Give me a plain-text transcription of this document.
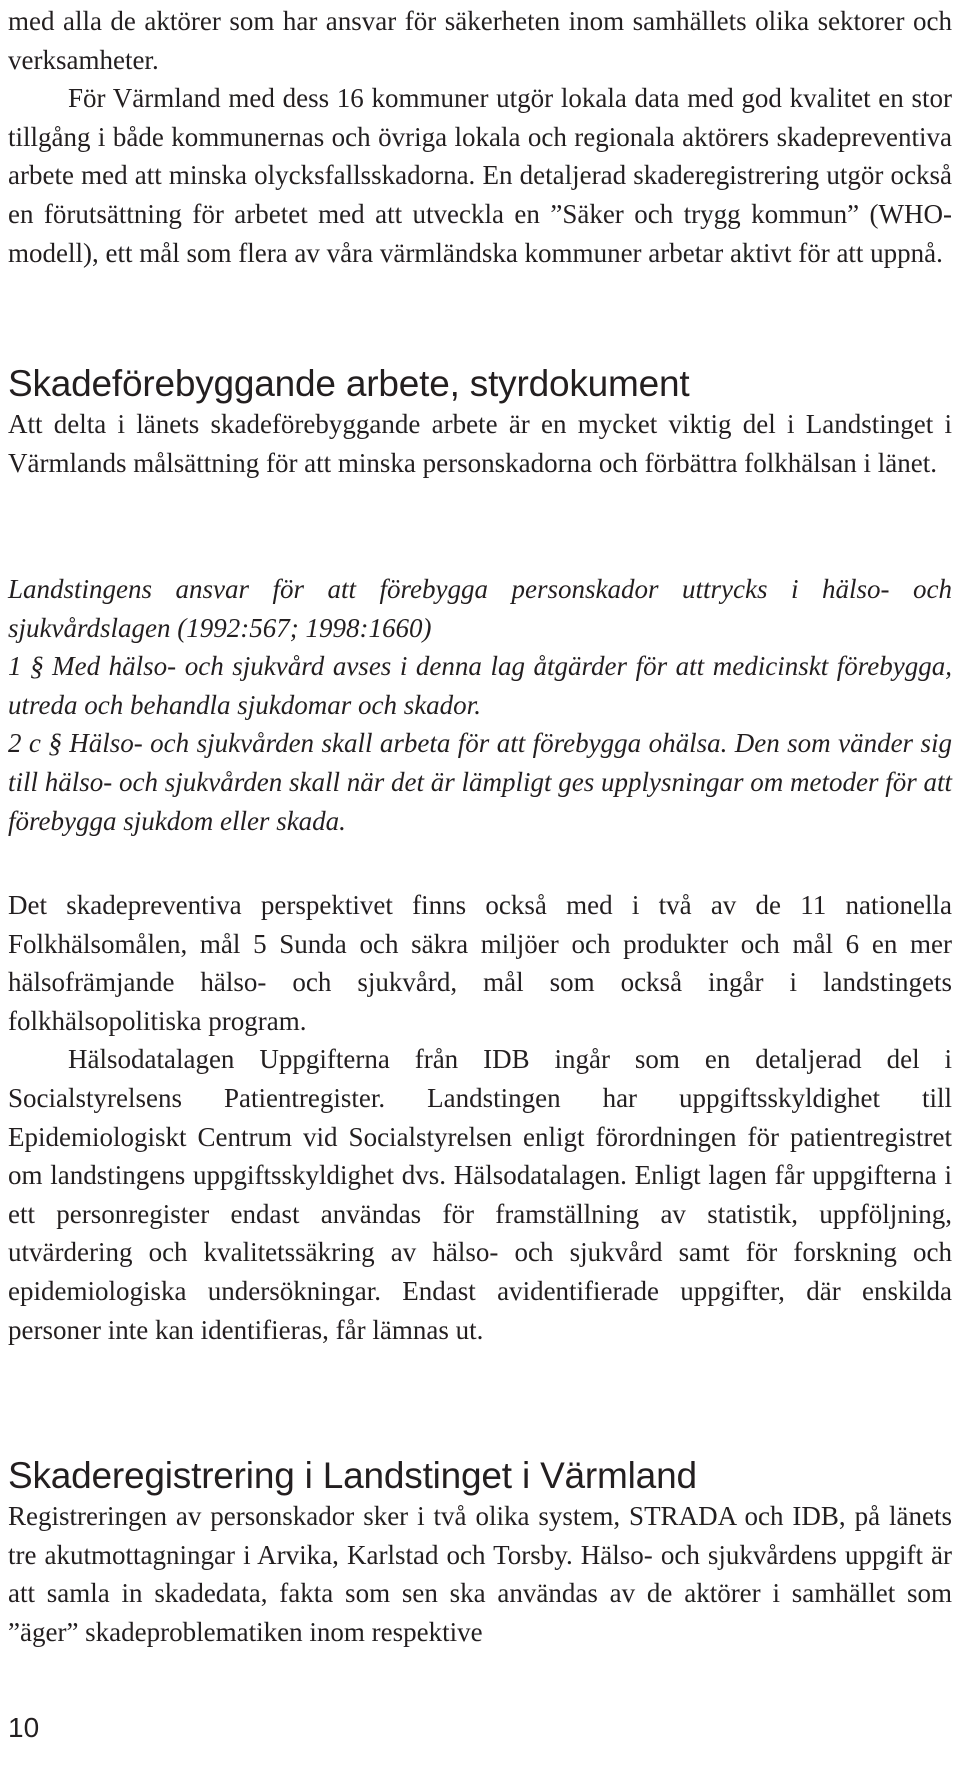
med alla de aktörer som har ansvar för säkerheten inom samhällets olika sektorer och verksamheter.

För Värmland med dess 16 kommuner utgör lokala data med god kvalitet en stor tillgång i både kommunernas och övriga lokala och regionala aktörers skadepreventiva arbete med att minska olycksfallsskadorna. En detaljerad skaderegistrering utgör också en förutsättning för arbetet med att utveckla en ”Säker och trygg kommun” (WHO-modell), ett mål som flera av våra värmländska kommuner arbetar aktivt för att uppnå.

Skadeförebyggande arbete, styrdokument

Att delta i länets skadeförebyggande arbete är en mycket viktig del i Landstinget i Värmlands målsättning för att minska personskadorna och förbättra folkhälsan i länet.

Landstingens ansvar för att förebygga personskador uttrycks i hälso- och sjukvårdslagen (1992:567; 1998:1660)

1 § Med hälso- och sjukvård avses i denna lag åtgärder för att medicinskt förebygga, utreda och behandla sjukdomar och skador.

2 c § Hälso- och sjukvården skall arbeta för att förebygga ohälsa. Den som vänder sig till hälso- och sjukvården skall när det är lämpligt ges upplysningar om metoder för att förebygga sjukdom eller skada.

Det skadepreventiva perspektivet finns också med i två av de 11 nationella Folkhälsomålen, mål 5 Sunda och säkra miljöer och produkter och mål 6 en mer hälsofrämjande hälso- och sjukvård, mål som också ingår i landstingets folkhälsopolitiska program.

Hälsodatalagen Uppgifterna från IDB ingår som en detaljerad del i Socialstyrelsens Patientregister. Landstingen har uppgiftsskyldighet till Epidemiologiskt Centrum vid Socialstyrelsen enligt förordningen för patientregistret om landstingens uppgiftsskyldighet dvs. Hälsodatalagen. Enligt lagen får uppgifterna i ett personregister endast användas för framställning av statistik, uppföljning, utvärdering och kvalitetssäkring av hälso- och sjukvård samt för forskning och epidemiologiska undersökningar. Endast avidentifierade uppgifter, där enskilda personer inte kan identifieras, får lämnas ut.

Skaderegistrering i Landstinget i Värmland

Registreringen av personskador sker i två olika system, STRADA och IDB, på länets tre akutmottagningar i Arvika, Karlstad och Torsby. Hälso- och sjukvårdens uppgift är att samla in skadedata, fakta som sen ska användas av de aktörer i samhället som ”äger” skadeproblematiken inom respektive

10
